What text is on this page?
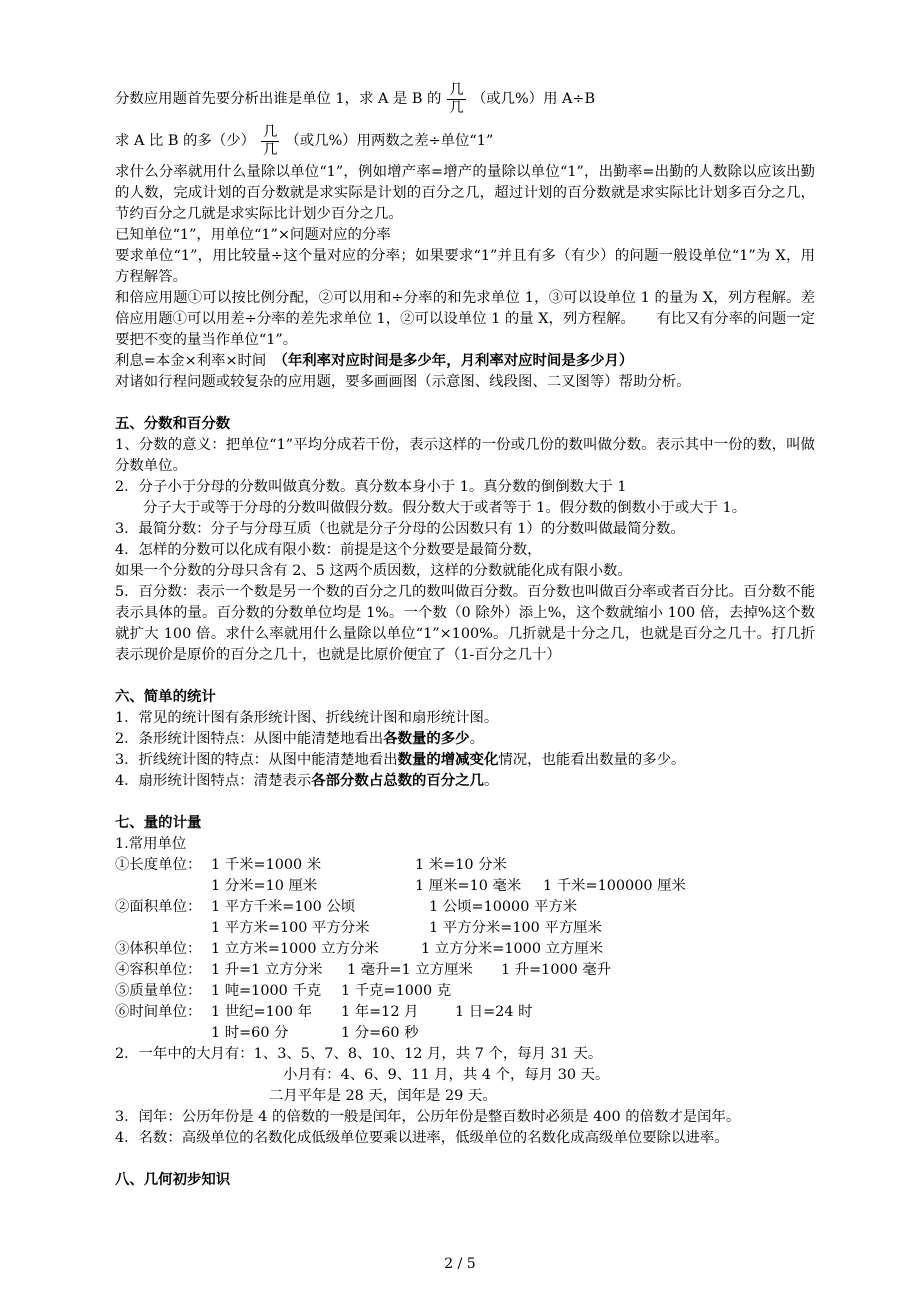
分数应用题首先要分析出谁是单位 1，求 A 是 B 的 $\frac{\text{几}}{\text{几}}$ （或几%）用 A÷B
求 A 比 B 的多（少） $\frac{\text{几}}{\text{几}}$ （或几%）用两数之差÷单位“1”
求什么分率就用什么量除以单位“1”，例如增产率=增产的量除以单位“1”，出勤率=出勤的人数除以应该出勤的人数，完成计划的百分数就是求实际是计划的百分之几，超过计划的百分数就是求实际比计划多百分之几，节约百分之几就是求实际比计划少百分之几。
已知单位“1”，用单位“1”×问题对应的分率
要求单位“1”，用比较量÷这个量对应的分率；如果要求“1”并且有多（有少）的问题一般设单位“1”为 X，用方程解答。
和倍应用题①可以按比例分配，②可以用和÷分率的和先求单位 1，③可以设单位 1 的量为 X，列方程解。差倍应用题①可以用差÷分率的差先求单位 1，②可以设单位 1 的量 X，列方程解。　　有比又有分率的问题一定要把不变的量当作单位“1”。
利息=本金×利率×时间　（年利率对应时间是多少年，月利率对应时间是多少月）
对诸如行程问题或较复杂的应用题，要多画画图（示意图、线段图、二叉图等）帮助分析。
五、分数和百分数
1、分数的意义：把单位“1”平均分成若干份，表示这样的一份或几份的数叫做分数。表示其中一份的数，叫做分数单位。
2．分子小于分母的分数叫做真分数。真分数本身小于 1。真分数的倒倒数大于 1
分子大于或等于分母的分数叫做假分数。假分数大于或者等于 1。假分数的倒数小于或大于 1。
3．最简分数：分子与分母互质（也就是分子分母的公因数只有 1）的分数叫做最简分数。
4．怎样的分数可以化成有限小数：前提是这个分数要是最简分数，
如果一个分数的分母只含有 2、5 这两个质因数，这样的分数就能化成有限小数。
5．百分数：表示一个数是另一个数的百分之几的数叫做百分数。百分数也叫做百分率或者百分比。百分数不能表示具体的量。百分数的分数单位均是 1%。一个数（0 除外）添上%，这个数就缩小 100 倍，去掉%这个数就扩大 100 倍。求什么率就用什么量除以单位“1”×100%。几折就是十分之几，也就是百分之几十。打几折表示现价是原价的百分之几十，也就是比原价便宜了（1-百分之几十）
六、简单的统计
1．常见的统计图有条形统计图、折线统计图和扇形统计图。
2．条形统计图特点：从图中能清楚地看出各数量的多少。
3．折线统计图的特点：从图中能清楚地看出数量的增减变化情况，也能看出数量的多少。
4．扇形统计图特点：清楚表示各部分数占总数的百分之几。
七、量的计量
1.常用单位
①长度单位： 1 千米=1000 米	1 米=10 分米
1 分米=10 厘米	1 厘米=10 毫米 1 千米=100000 厘米
②面积单位： 1 平方千米=100 公顷	1 公顷=10000 平方米
1 平方米=100 平方分米	1 平方分米=100 平方厘米
③体积单位： 1 立方米=1000 立方分米	1 立方分米=1000 立方厘米
④容积单位： 1 升=1 立方分米 1 毫升=1 立方厘米 1 升=1000 毫升
⑤质量单位： 1 吨=1000 千克 1 千克=1000 克
⑥时间单位： 1 世纪=100 年 1 年=12 月	1 日=24 时
1 时=60 分	1 分=60 秒
2．一年中的大月有：1、3、5、7、8、10、12 月，共 7 个，每月 31 天。
小月有：4、6、9、11 月，共 4 个，每月 30 天。
二月平年是 28 天，闰年是 29 天。
3．闰年：公历年份是 4 的倍数的一般是闰年，公历年份是整百数时必须是 400 的倍数才是闰年。
4．名数：高级单位的名数化成低级单位要乘以进率，低级单位的名数化成高级单位要除以进率。
八、几何初步知识
2 / 5
